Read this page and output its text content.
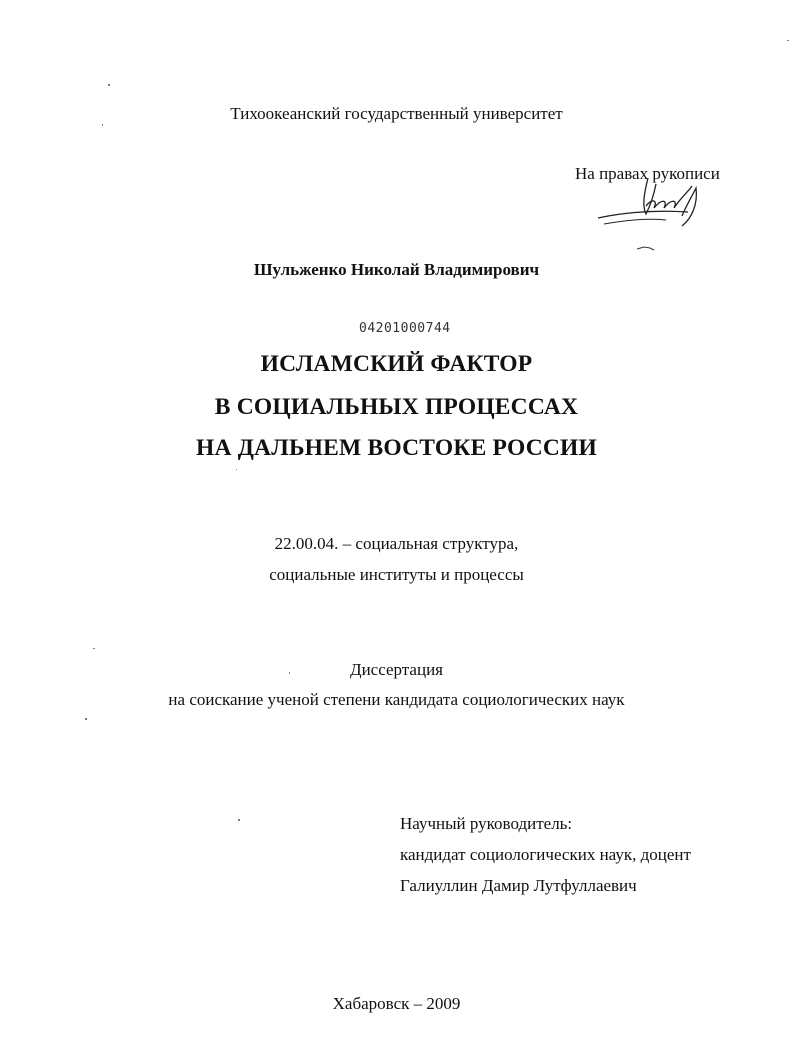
Тихоокеанский государственный университет
На правах рукописи
Шульженко Николай Владимирович
04201000744
ИСЛАМСКИЙ ФАКТОР
В СОЦИАЛЬНЫХ ПРОЦЕССАХ
НА ДАЛЬНЕМ ВОСТОКЕ РОССИИ
22.00.04. – социальная структура,
социальные институты и процессы
Диссертация
на соискание ученой степени кандидата социологических наук
Научный руководитель:
кандидат социологических наук, доцент
Галиуллин Дамир Лутфуллаевич
Хабаровск – 2009
